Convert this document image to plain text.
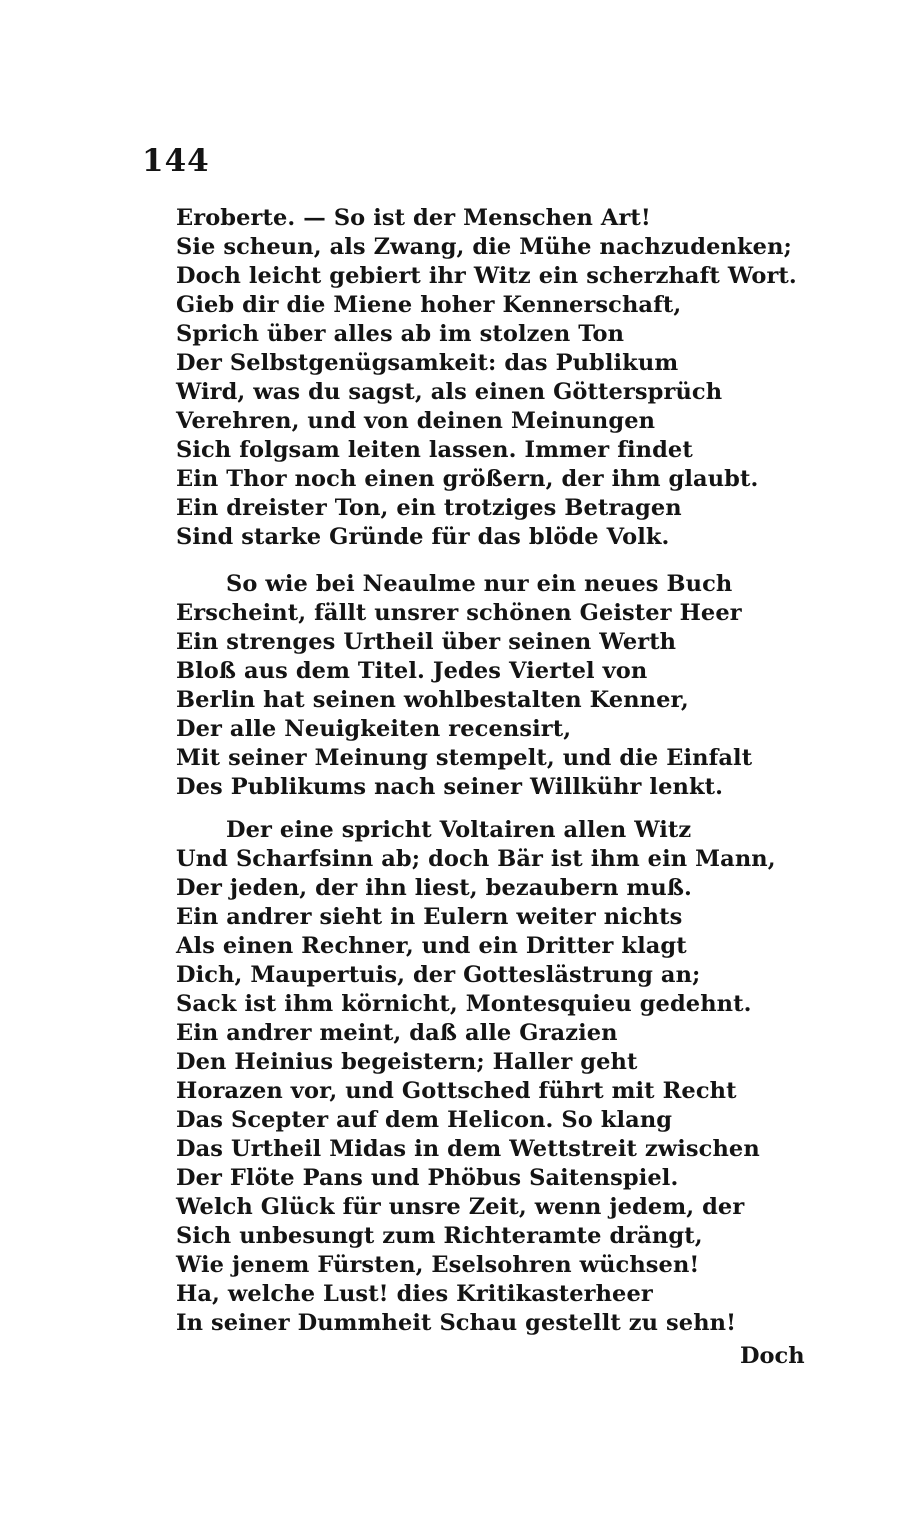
144
Eroberte. — So ist der Menschen Art!
Sie scheun, als Zwang, die Mühe nachzudenken;
Doch leicht gebiert ihr Witz ein scherzhaft Wort.
Gieb dir die Miene hoher Kennerschaft,
Sprich über alles ab im stolzen Ton
Der Selbstgenügsamkeit: das Publikum
Wird, was du sagst, als einen Göttersprüch
Verehren, und von deinen Meinungen
Sich folgsam leiten lassen. Immer findet
Ein Thor noch einen größern, der ihm glaubt.
Ein dreister Ton, ein trotziges Betragen
Sind starke Gründe für das blöde Volk.
So wie bei Neaulme nur ein neues Buch
Erscheint, fällt unsrer schönen Geister Heer
Ein strenges Urtheil über seinen Werth
Bloß aus dem Titel. Jedes Viertel von
Berlin hat seinen wohlbestalten Kenner,
Der alle Neuigkeiten recensirt,
Mit seiner Meinung stempelt, und die Einfalt
Des Publikums nach seiner Willkühr lenkt.
Der eine spricht Voltairen allen Witz
Und Scharfsinn ab; doch Bär ist ihm ein Mann,
Der jeden, der ihn liest, bezaubern muß.
Ein andrer sieht in Eulern weiter nichts
Als einen Rechner, und ein Dritter klagt
Dich, Maupertuis, der Gotteslästrung an;
Sack ist ihm körnicht, Montesquieu gedehnt.
Ein andrer meint, daß alle Grazien
Den Heinius begeistern; Haller geht
Horazen vor, und Gottsched führt mit Recht
Das Scepter auf dem Helicon. So klang
Das Urtheil Midas in dem Wettstreit zwischen
Der Flöte Pans und Phöbus Saitenspiel.
Welch Glück für unsre Zeit, wenn jedem, der
Sich unbesungt zum Richteramte drängt,
Wie jenem Fürsten, Eselsohren wüchsen!
Ha, welche Lust! dies Kritikasterheer
In seiner Dummheit Schau gestellt zu sehn!
Doch
